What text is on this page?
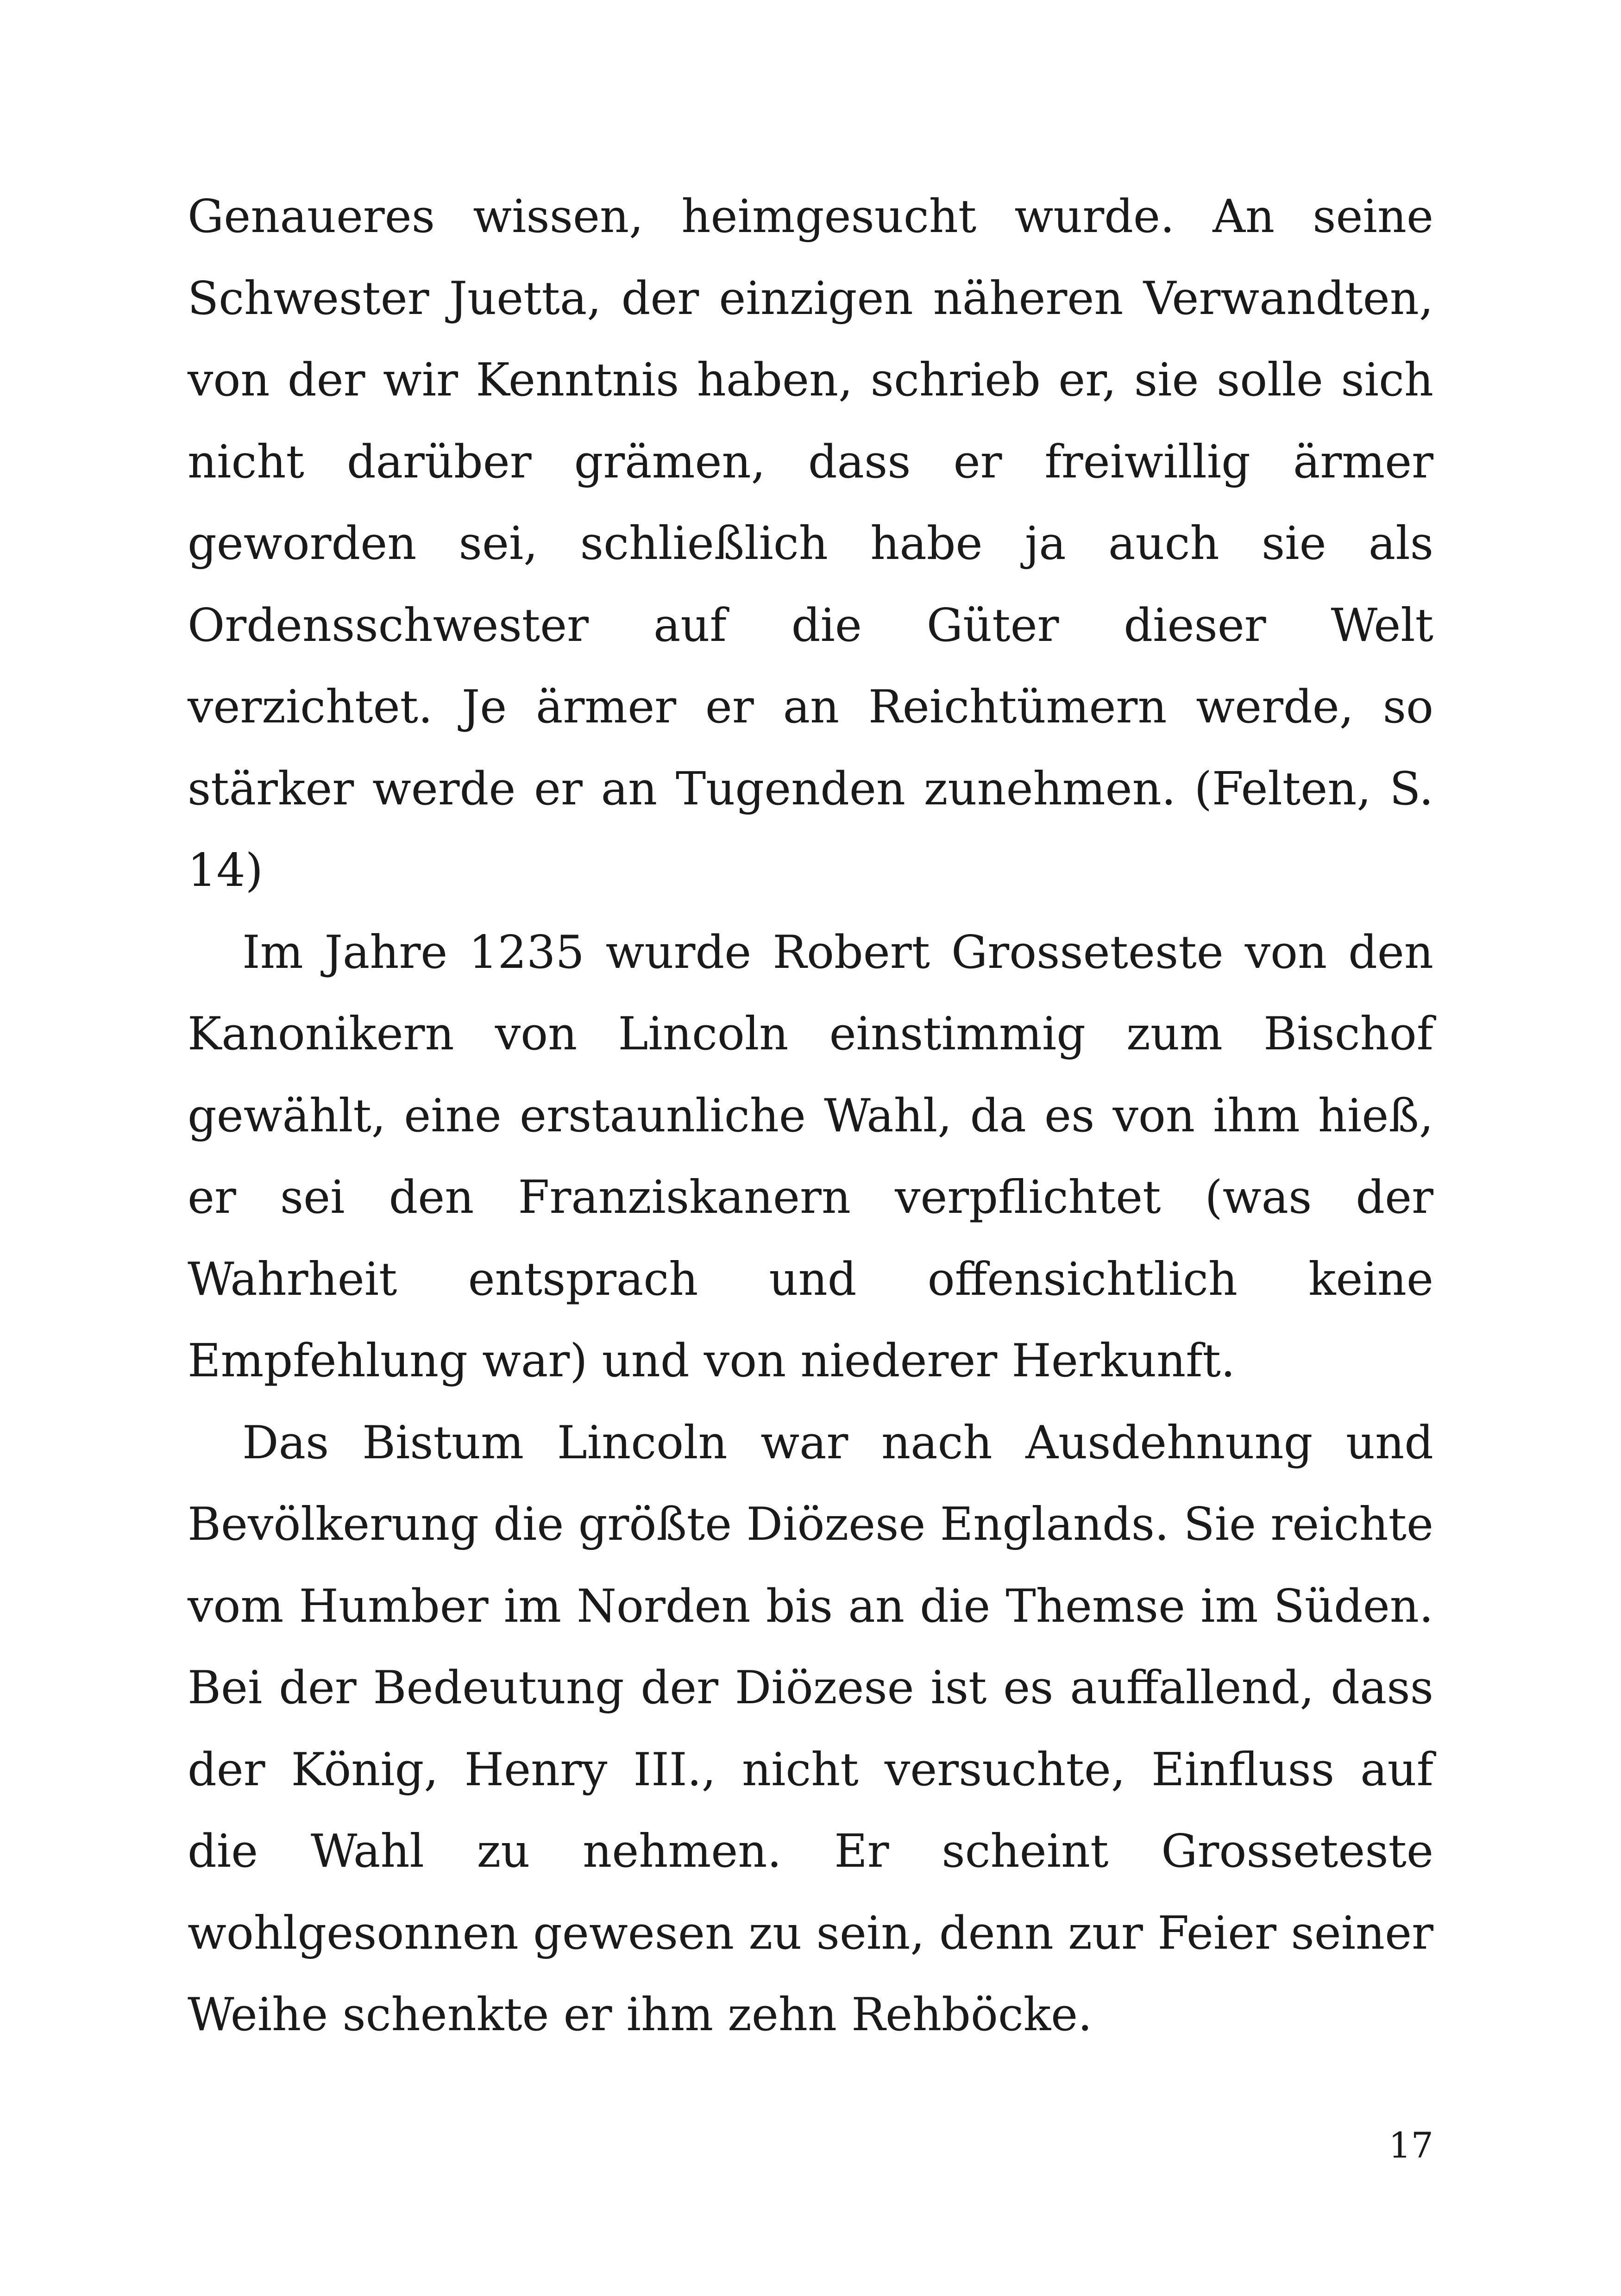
Genaueres wissen, heimgesucht wurde. An seine Schwester Juetta, der einzigen näheren Verwandten, von der wir Kenntnis haben, schrieb er, sie solle sich nicht darüber grämen, dass er freiwillig ärmer geworden sei, schließlich habe ja auch sie als Ordensschwester auf die Güter dieser Welt verzichtet. Je ärmer er an Reichtümern werde, so stärker werde er an Tugenden zunehmen. (Felten, S. 14)

Im Jahre 1235 wurde Robert Grosseteste von den Kanonikern von Lincoln einstimmig zum Bischof gewählt, eine erstaunliche Wahl, da es von ihm hieß, er sei den Franziskanern verpflichtet (was der Wahrheit entsprach und offensichtlich keine Empfehlung war) und von niederer Herkunft.

Das Bistum Lincoln war nach Ausdehnung und Bevölkerung die größte Diözese Englands. Sie reichte vom Humber im Norden bis an die Themse im Süden. Bei der Bedeutung der Diözese ist es auffallend, dass der König, Henry III., nicht versuchte, Einfluss auf die Wahl zu nehmen. Er scheint Grosseteste wohlgesonnen gewesen zu sein, denn zur Feier seiner Weihe schenkte er ihm zehn Rehböcke.

17
